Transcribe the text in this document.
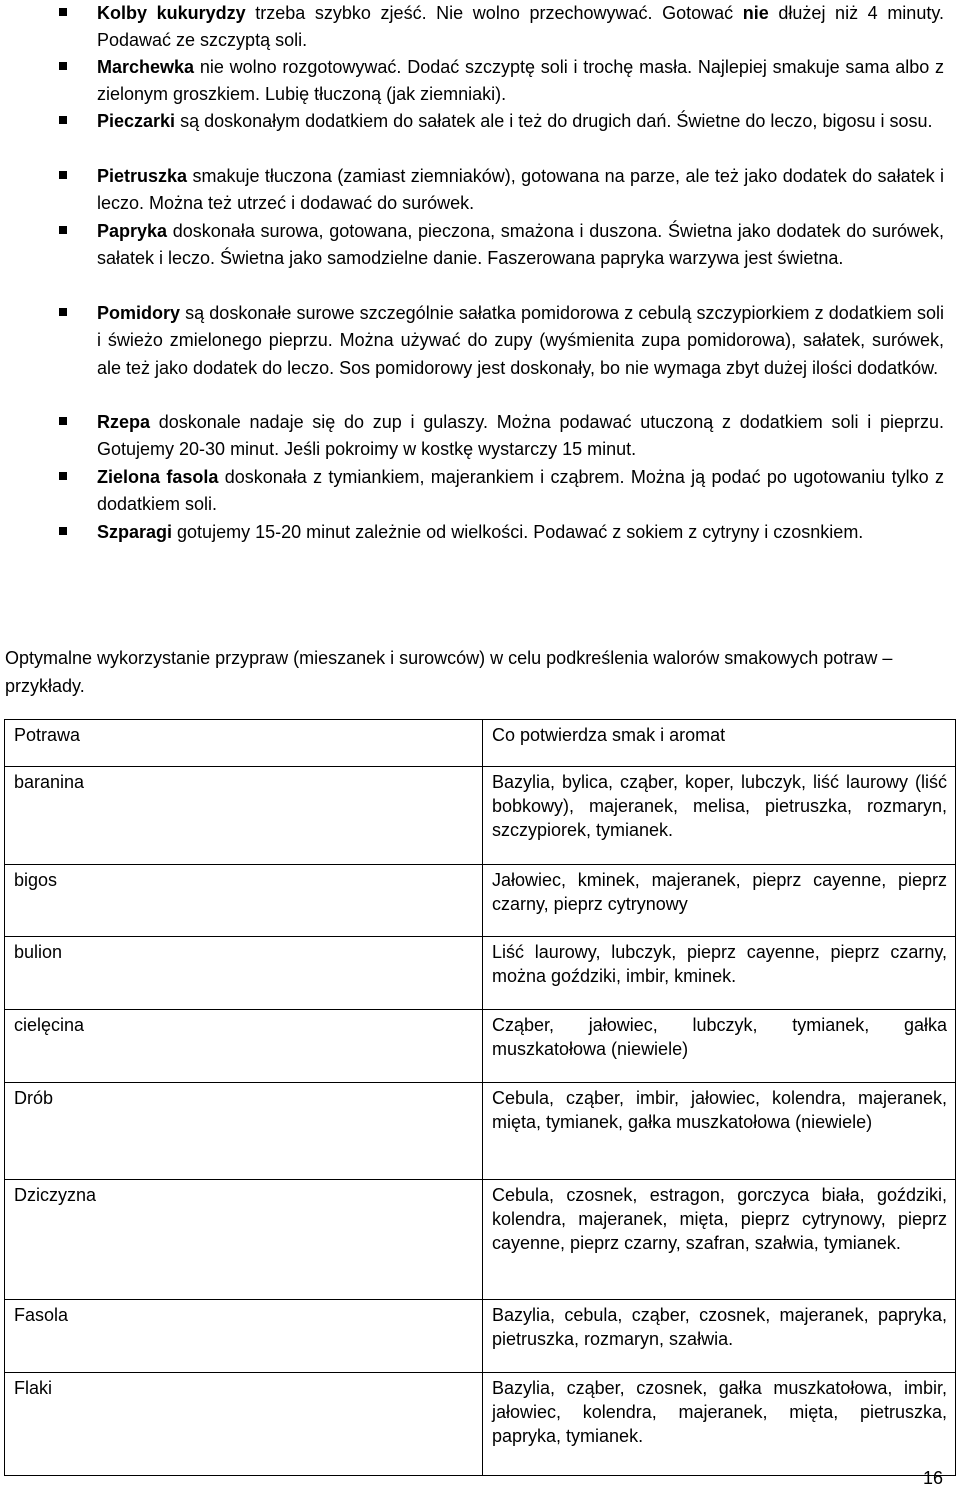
Kolby kukurydzy trzeba szybko zjeść. Nie wolno przechowywać. Gotować nie dłużej niż 4 minuty. Podawać ze szczyptą soli.
Marchewka nie wolno rozgotowywać. Dodać szczyptę soli i trochę masła. Najlepiej smakuje sama albo z zielonym groszkiem. Lubię tłuczoną (jak ziemniaki).
Pieczarki są doskonałym dodatkiem do sałatek ale i też do drugich dań. Świetne do leczo, bigosu i sosu.
Pietruszka smakuje tłuczona (zamiast ziemniaków), gotowana na parze, ale też jako dodatek do sałatek i leczo. Można też utrzeć i dodawać do surówek.
Papryka doskonała surowa, gotowana, pieczona, smażona i duszona. Świetna jako dodatek do surówek, sałatek i leczo. Świetna jako samodzielne danie. Faszerowana papryka warzywa jest świetna.
Pomidory są doskonałe surowe szczególnie sałatka pomidorowa z cebulą szczypiorkiem z dodatkiem soli i świeżo zmielonego pieprzu. Można używać do zupy (wyśmienita zupa pomidorowa), sałatek, surówek, ale też jako dodatek do leczo. Sos pomidorowy jest doskonały, bo nie wymaga zbyt dużej ilości dodatków.
Rzepa doskonale nadaje się do zup i gulaszy. Można podawać utuczoną z dodatkiem soli i pieprzu. Gotujemy 20-30 minut. Jeśli pokroimy w kostkę wystarczy 15 minut.
Zielona fasola doskonała z tymiankiem, majerankiem i cząbrem. Można ją podać po ugotowaniu tylko z dodatkiem soli.
Szparagi gotujemy 15-20 minut zależnie od wielkości. Podawać z sokiem z cytryny i czosnkiem.
Optymalne wykorzystanie przypraw (mieszanek i surowców) w celu podkreślenia walorów smakowych potraw – przykłady.
Potrawa	Co potwierdza smak i aromat
baranina	Bazylia, bylica, cząber, koper, lubczyk, liść laurowy (liść bobkowy), majeranek, melisa, pietruszka, rozmaryn, szczypiorek, tymianek.
bigos	Jałowiec, kminek, majeranek, pieprz cayenne, pieprz czarny, pieprz cytrynowy
bulion	Liść laurowy, lubczyk, pieprz cayenne, pieprz czarny, można goździki, imbir, kminek.
cielęcina	Cząber, jałowiec, lubczyk, tymianek, gałka muszkatołowa (niewiele)
Drób	Cebula, cząber, imbir, jałowiec, kolendra, majeranek, mięta, tymianek, gałka muszkatołowa (niewiele)
Dziczyzna	Cebula, czosnek, estragon, gorczyca biała, goździki, kolendra, majeranek, mięta, pieprz cytrynowy, pieprz cayenne, pieprz czarny, szafran, szałwia, tymianek.
Fasola	Bazylia, cebula, cząber, czosnek, majeranek, papryka, pietruszka, rozmaryn, szałwia.
Flaki	Bazylia, cząber, czosnek, gałka muszkatołowa, imbir, jałowiec, kolendra, majeranek, mięta, pietruszka, papryka, tymianek.
16
